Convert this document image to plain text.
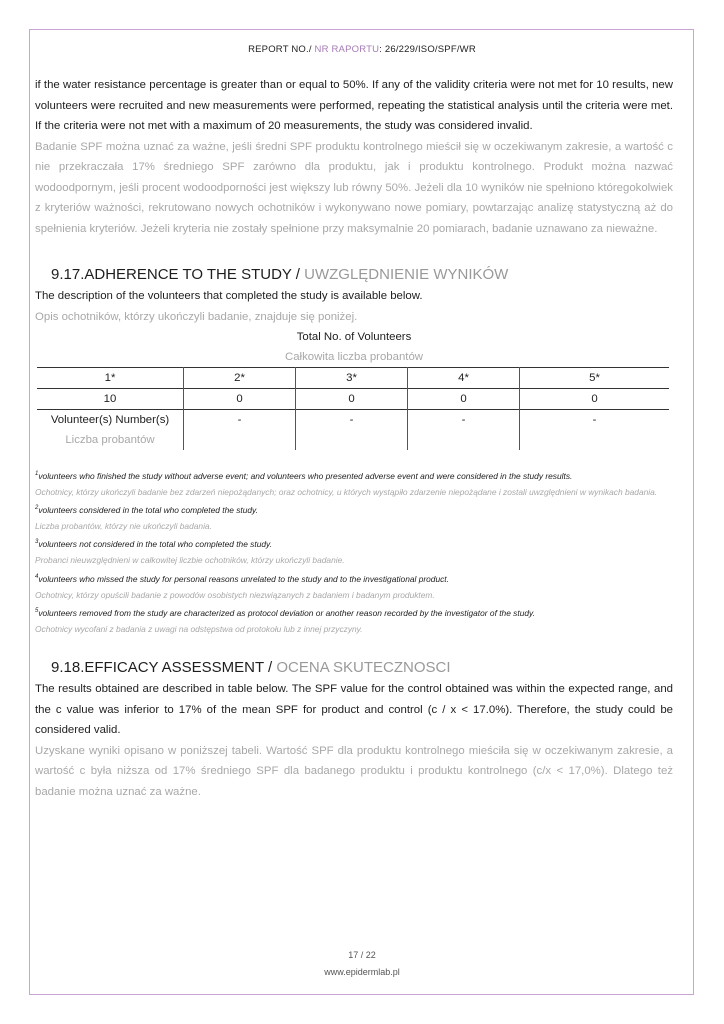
REPORT NO./ NR RAPORTU: 26/229/ISO/SPF/WR

if the water resistance percentage is greater than or equal to 50%. If any of the validity criteria were not met for 10 results, new volunteers were recruited and new measurements were performed, repeating the statistical analysis until the criteria were met. If the criteria were not met with a maximum of 20 measurements, the study was considered invalid.

Badanie SPF można uznać za ważne, jeśli średni SPF produktu kontrolnego mieścił się w oczekiwanym zakresie, a wartość c nie przekraczała 17% średniego SPF zarówno dla produktu, jak i produktu kontrolnego. Produkt można nazwać wodoodpornym, jeśli procent wodoodporności jest większy lub równy 50%. Jeżeli dla 10 wyników nie spełniono któregokolwiek z kryteriów ważności, rekrutowano nowych ochotników i wykonywano nowe pomiary, powtarzając analizę statystyczną aż do spełnienia kryteriów. Jeżeli kryteria nie zostały spełnione przy maksymalnie 20 pomiarach, badanie uznawano za nieważne.

9.17.ADHERENCE TO THE STUDY / UWZGLĘDNIENIE WYNIKÓW

The description of the volunteers that completed the study is available below.

Opis ochotników, którzy ukończyli badanie, znajduje się poniżej.

Total No. of Volunteers
Całkowita liczba probantów
1*	2*	3*	4*	5*
10	0	0	0	0

Volunteer(s) Number(s)
Liczba probantów	-	-	-	-
$^1$volunteers who finished the study without adverse event; and volunteers who presented adverse event and were considered in the study results.
Ochotnicy, którzy ukończyli badanie bez zdarzeń niepożądanych; oraz ochotnicy, u których wystąpiło zdarzenie niepożądane i zostali uwzględnieni w wynikach badania.
$^2$volunteers considered in the total who completed the study.
Liczba probantów, którzy nie ukończyli badania.
$^3$volunteers not considered in the total who completed the study.
Probanci nieuwzględnieni w całkowitej liczbie ochotników, którzy ukończyli badanie.
$^4$volunteers who missed the study for personal reasons unrelated to the study and to the investigational product.
Ochotnicy, którzy opuścili badanie z powodów osobistych niezwiązanych z badaniem i badanym produktem.
$^5$volunteers removed from the study are characterized as protocol deviation or another reason recorded by the investigator of the study.
Ochotnicy wycofani z badania z uwagi na odstępstwa od protokołu lub z innej przyczyny.
9.18.EFFICACY ASSESSMENT / OCENA SKUTECZNOSCI

The results obtained are described in table below. The SPF value for the control obtained was within the expected range, and the c value was inferior to 17% of the mean SPF for product and control (c / x < 17.0%). Therefore, the study could be considered valid.

Uzyskane wyniki opisano w poniższej tabeli. Wartość SPF dla produktu kontrolnego mieściła się w oczekiwanym zakresie, a wartość c była niższa od 17% średniego SPF dla badanego produktu i produktu kontrolnego (c/x < 17,0%). Dlatego też badanie można uznać za ważne.

17 / 22
www.epidermlab.pl
